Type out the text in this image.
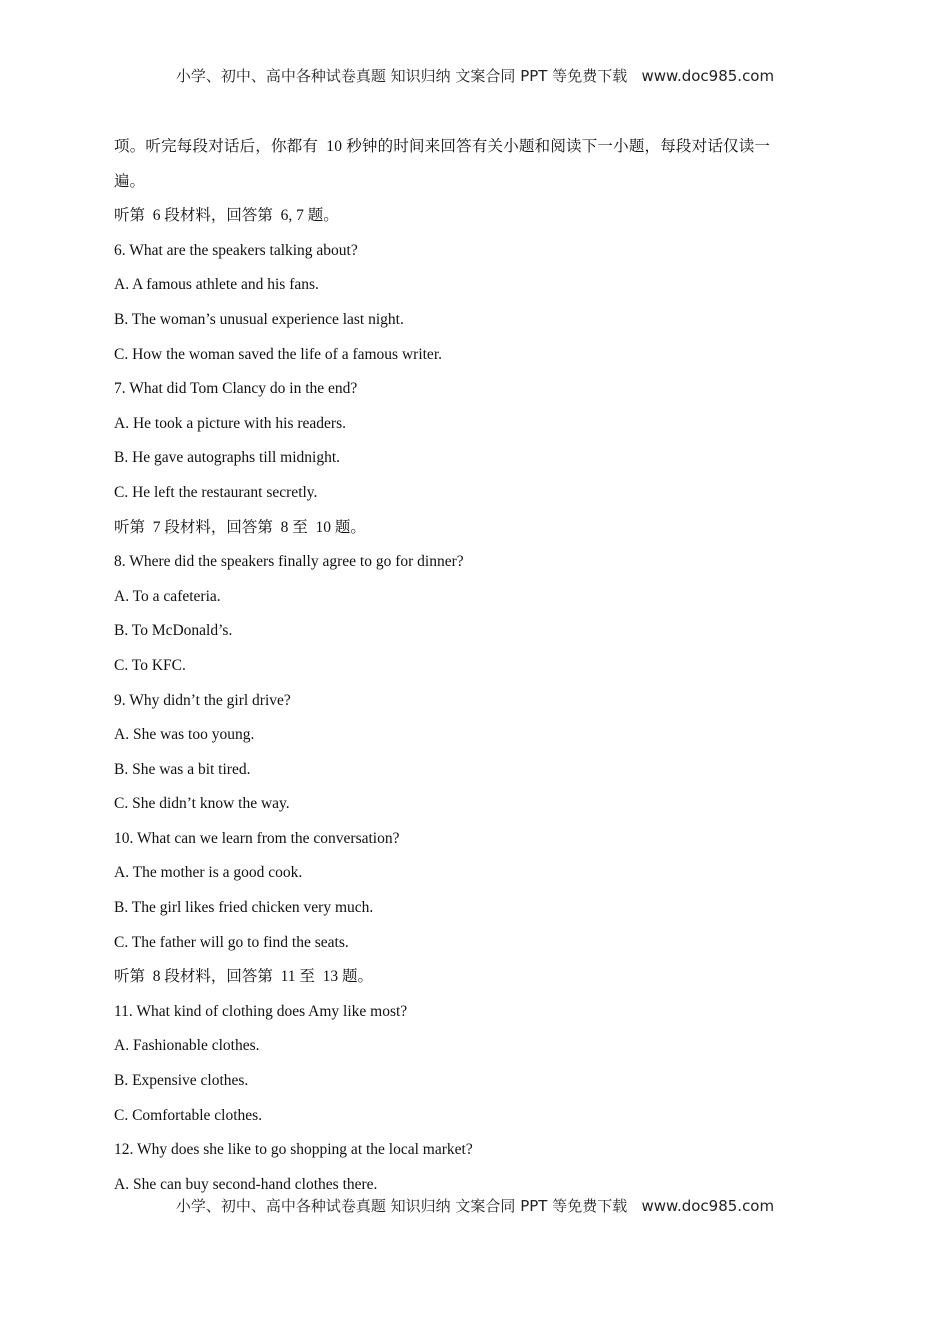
小学、初中、高中各种试卷真题 知识归纳 文案合同 PPT 等免费下载   www.doc985.com
项。听完每段对话后，你都有  10 秒钟的时间来回答有关小题和阅读下一小题，每段对话仅读一
遍。
听第  6 段材料，回答第  6, 7 题。
6. What are the speakers talking about?
A. A famous athlete and his fans.
B. The woman’s unusual experience last night.
C. How the woman saved the life of a famous writer.
7. What did Tom Clancy do in the end?
A. He took a picture with his readers.
B. He gave autographs till midnight.
C. He left the restaurant secretly.
听第  7 段材料，回答第  8 至  10 题。
8. Where did the speakers finally agree to go for dinner?
A. To a cafeteria.
B. To McDonald’s.
C. To KFC.
9. Why didn’t the girl drive?
A. She was too young.
B. She was a bit tired.
C. She didn’t know the way.
10. What can we learn from the conversation?
A. The mother is a good cook.
B. The girl likes fried chicken very much.
C. The father will go to find the seats.
听第  8 段材料，回答第  11 至  13 题。
11. What kind of clothing does Amy like most?
A. Fashionable clothes.
B. Expensive clothes.
C. Comfortable clothes.
12. Why does she like to go shopping at the local market?
A. She can buy second-hand clothes there.
小学、初中、高中各种试卷真题 知识归纳 文案合同 PPT 等免费下载   www.doc985.com
